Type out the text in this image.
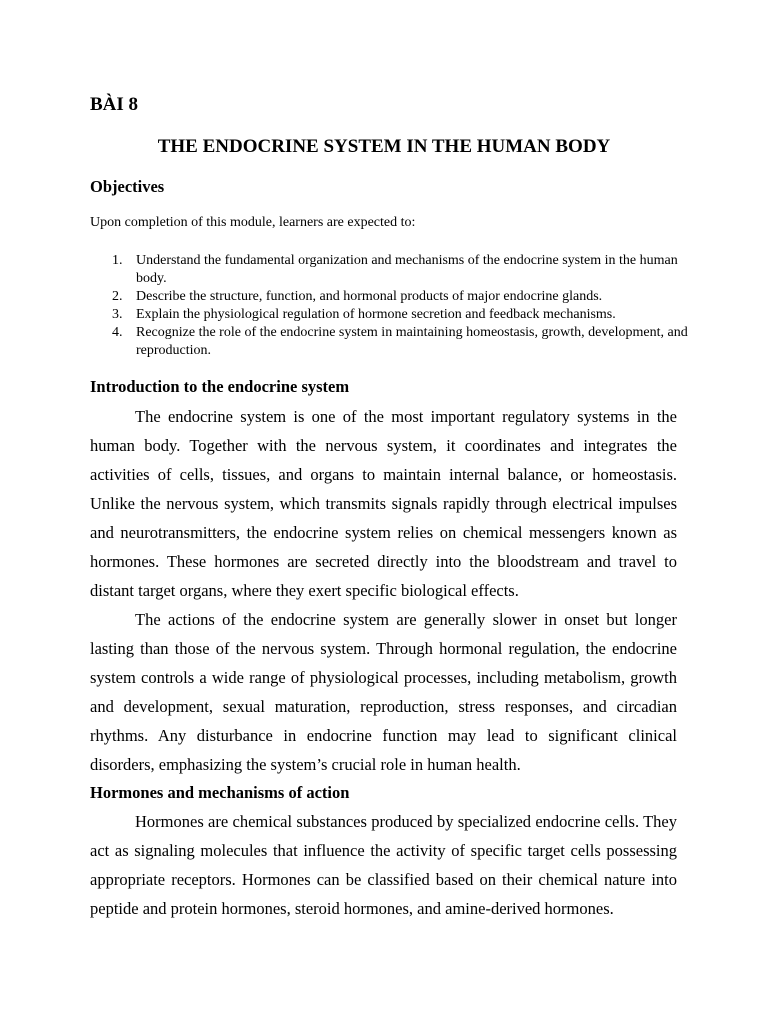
BÀI 8
THE ENDOCRINE SYSTEM IN THE HUMAN BODY
Objectives

Upon completion of this module, learners are expected to:

1. Understand the fundamental organization and mechanisms of the endocrine system in the human body.
2. Describe the structure, function, and hormonal products of major endocrine glands.
3. Explain the physiological regulation of hormone secretion and feedback mechanisms.
4. Recognize the role of the endocrine system in maintaining homeostasis, growth, development, and reproduction.
Introduction to the endocrine system

The endocrine system is one of the most important regulatory systems in the human body. Together with the nervous system, it coordinates and integrates the activities of cells, tissues, and organs to maintain internal balance, or homeostasis. Unlike the nervous system, which transmits signals rapidly through electrical impulses and neurotransmitters, the endocrine system relies on chemical messengers known as hormones. These hormones are secreted directly into the bloodstream and travel to distant target organs, where they exert specific biological effects.

The actions of the endocrine system are generally slower in onset but longer lasting than those of the nervous system. Through hormonal regulation, the endocrine system controls a wide range of physiological processes, including metabolism, growth and development, sexual maturation, reproduction, stress responses, and circadian rhythms. Any disturbance in endocrine function may lead to significant clinical disorders, emphasizing the system’s crucial role in human health.

Hormones and mechanisms of action

Hormones are chemical substances produced by specialized endocrine cells. They act as signaling molecules that influence the activity of specific target cells possessing appropriate receptors. Hormones can be classified based on their chemical nature into peptide and protein hormones, steroid hormones, and amine-derived hormones.
